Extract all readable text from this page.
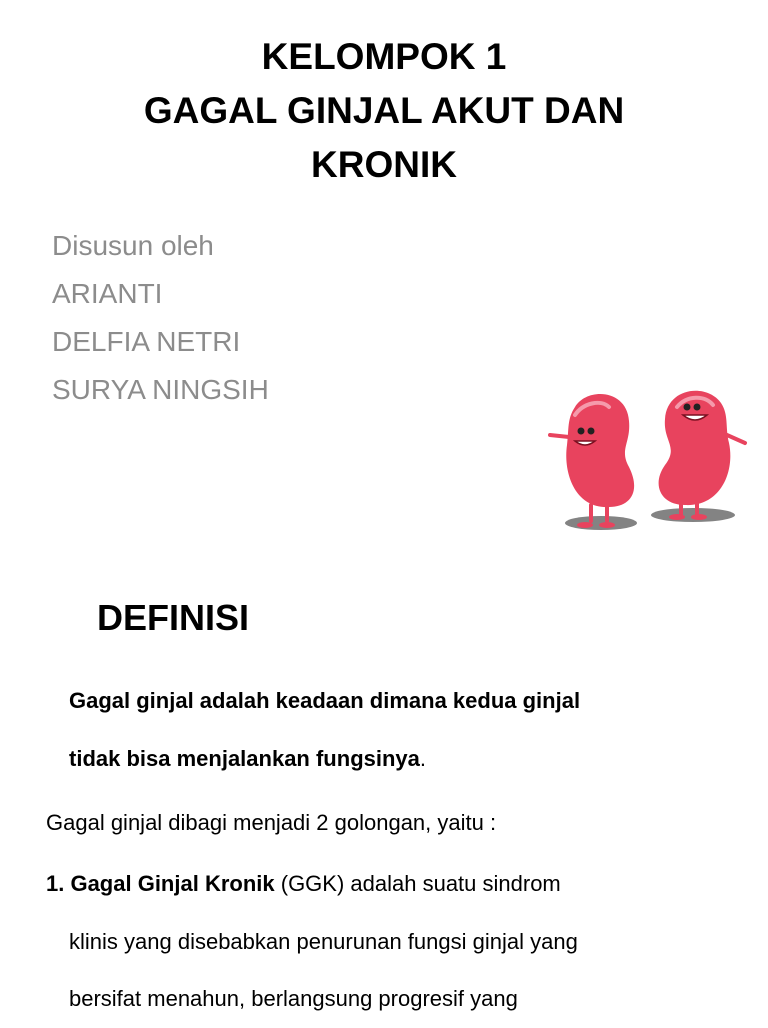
KELOMPOK 1
GAGAL GINJAL AKUT DAN
KRONIK
Disusun oleh
ARIANTI
DELFIA NETRI
SURYA NINGSIH
DEFINISI
Gagal ginjal adalah keadaan dimana kedua ginjal
tidak bisa menjalankan fungsinya.
Gagal ginjal dibagi menjadi 2 golongan, yaitu :
1. Gagal Ginjal Kronik (GGK) adalah suatu sindrom
klinis yang disebabkan penurunan fungsi ginjal yang
bersifat menahun, berlangsung progresif yang
